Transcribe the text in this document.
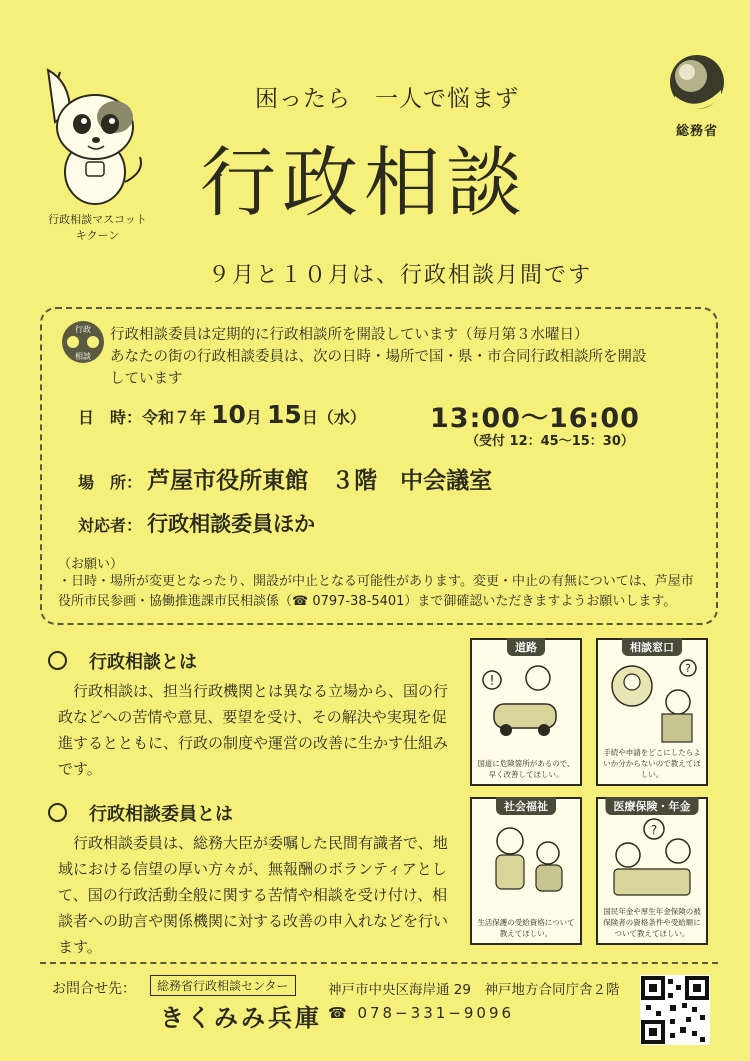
行政相談マスコット
キクーン
総務省
困ったら　一人で悩まず
行政相談
９月と１０月は、行政相談月間です
行政
相談
行政相談委員は定期的に行政相談所を開設しています（毎月第３水曜日）
あなたの街の行政相談委員は、次の日時・場所で国・県・市合同行政相談所を開設
しています
日　時：令和７年 10月 15日（水） 13:00〜16:00
（受付 12：45〜15：30）
場　所： 芦屋市役所東館　３階　中会議室
対応者： 行政相談委員ほか
（お願い）
・日時・場所が変更となったり、開設が中止となる可能性があります。変更・中止の有無については、芦屋市
役所市民参画・協働推進課市民相談係（☎ 0797-38-5401）まで御確認いただきますようお願いします。
行政相談とは
行政相談は、担当行政機関とは異なる立場から、国の行政などへの苦情や意見、要望を受け、その解決や実現を促進するとともに、行政の制度や運営の改善に生かす仕組みです。
行政相談委員とは
行政相談委員は、総務大臣が委嘱した民間有識者で、地域における信望の厚い方々が、無報酬のボランティアとして、国の行政活動全般に関する苦情や相談を受け付け、相談者への助言や関係機関に対する改善の申入れなどを行います。
道路
!
国道に危険箇所があるので、早く改善してほしい。
相談窓口
?
手続や申請をどこにしたらよいか分からないので教えてほしい。
社会福祉
生活保護の受給資格について教えてほしい。
医療保険・年金
?
国民年金や厚生年金保険の被保険者の資格条件や受給額について教えてほしい。
お問合せ先：	総務省行政相談センター
きくみみ兵庫
神戸市中央区海岸通 29　神戸地方合同庁舎２階
☎ 078−331−9096
